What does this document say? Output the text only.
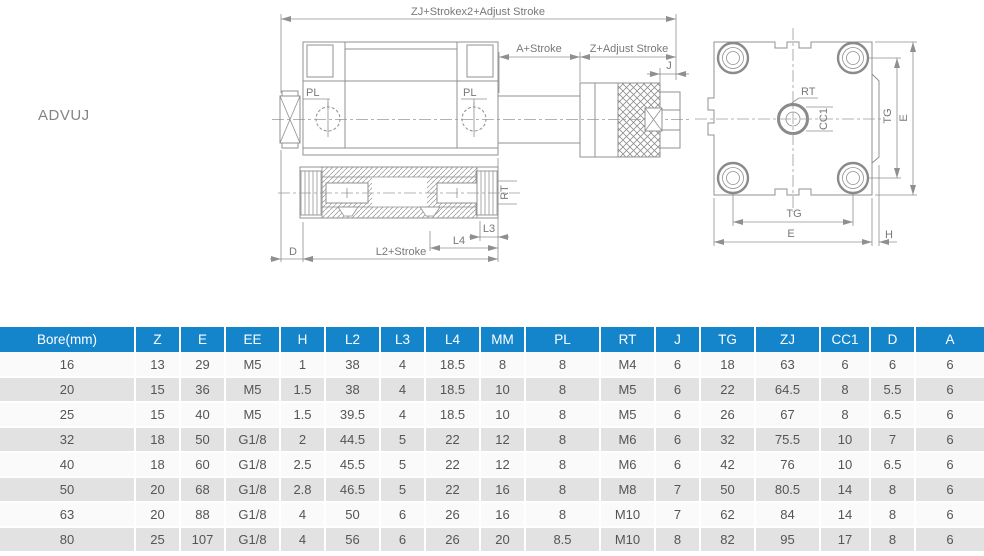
ADVUJ
ZJ+Strokex2+Adjust Stroke
A+Stroke	Z+Adjust Stroke
J
PL	PL
RT
L3
L4
D	L2+Stroke
RT
CC1	TG E
TG
E	H
Bore(mm)	Z	E	EE	H	L2	L3	L4	MM	PL	RT	J	TG	ZJ	CC1	D	A
16	13	29	M5	1	38	4	18.5	8	8	M4	6	18	63	6	6	6
20	15	36	M5	1.5	38	4	18.5	10	8	M5	6	22	64.5	8	5.5	6
25	15	40	M5	1.5	39.5	4	18.5	10	8	M5	6	26	67	8	6.5	6
32	18	50	G1/8	2	44.5	5	22	12	8	M6	6	32	75.5	10	7	6
40	18	60	G1/8	2.5	45.5	5	22	12	8	M6	6	42	76	10	6.5	6
50	20	68	G1/8	2.8	46.5	5	22	16	8	M8	7	50	80.5	14	8	6
63	20	88	G1/8	4	50	6	26	16	8	M10	7	62	84	14	8	6
80	25	107	G1/8	4	56	6	26	20	8.5	M10	8	82	95	17	8	6
